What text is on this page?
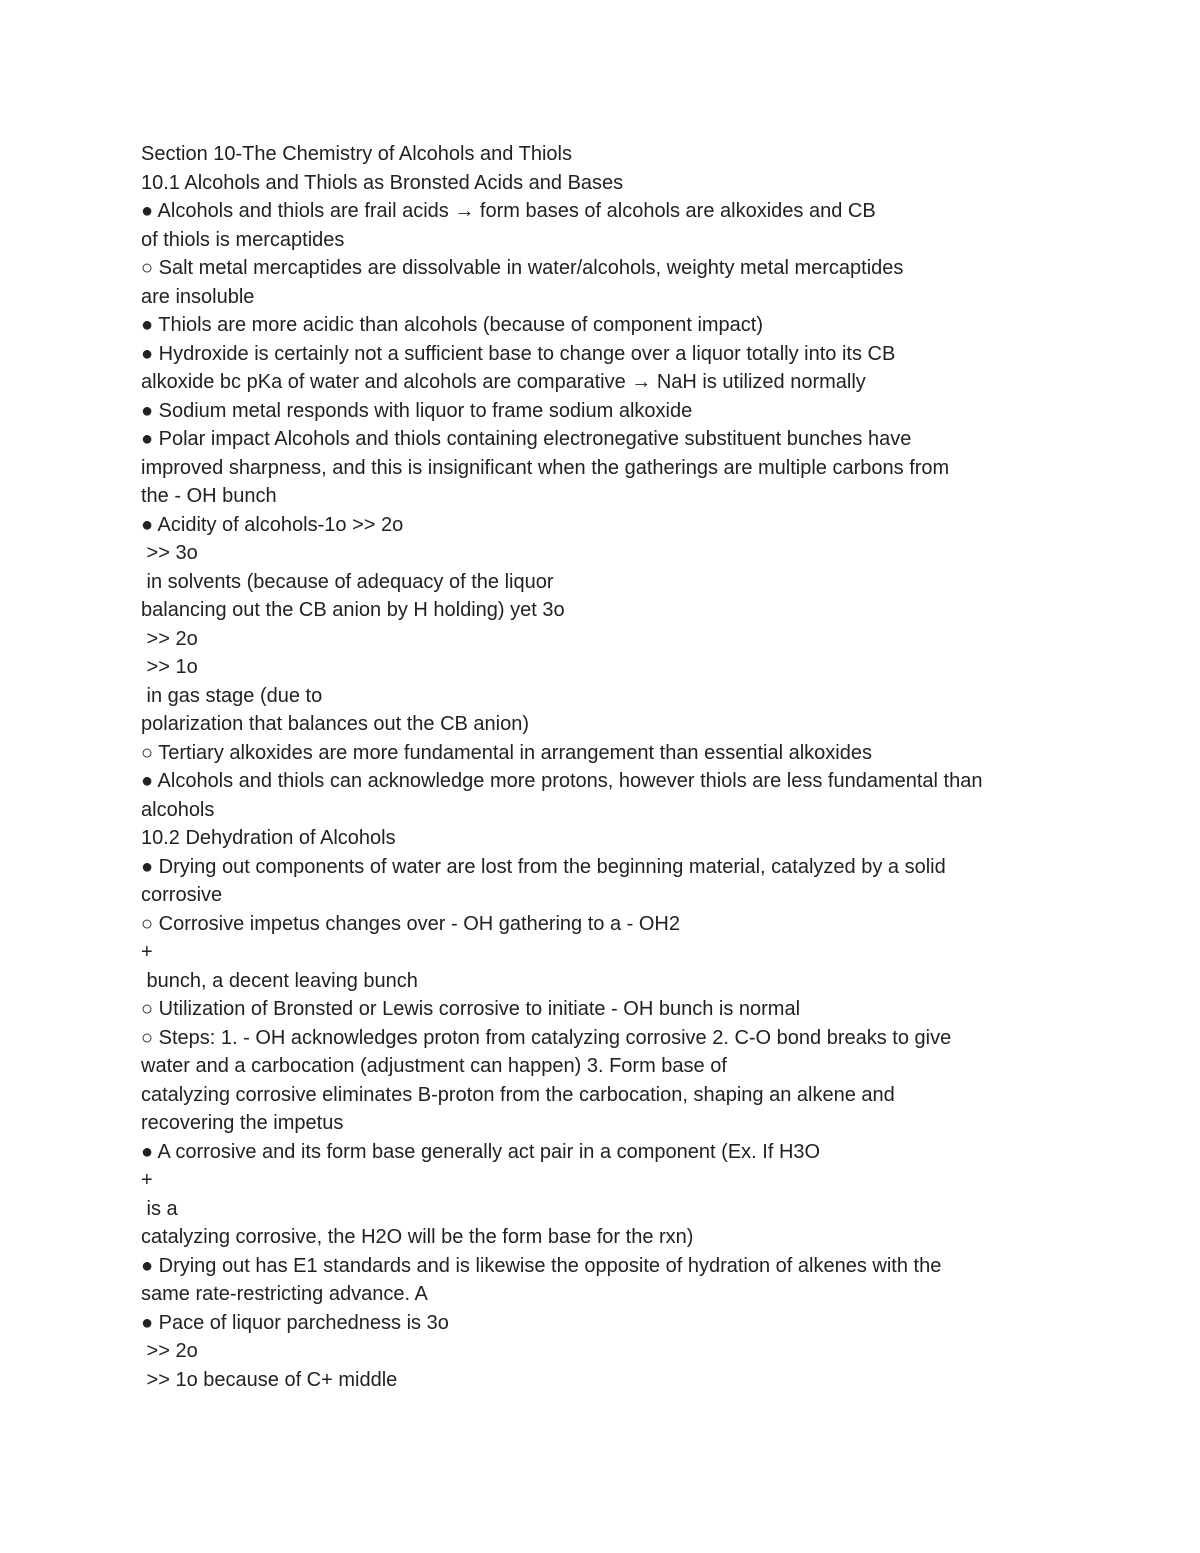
Section 10-The Chemistry of Alcohols and Thiols
10.1 Alcohols and Thiols as Bronsted Acids and Bases
● Alcohols and thiols are frail acids → form bases of alcohols are alkoxides and CB
of thiols is mercaptides
○ Salt metal mercaptides are dissolvable in water/alcohols, weighty metal mercaptides
are insoluble
● Thiols are more acidic than alcohols (because of component impact)
● Hydroxide is certainly not a sufficient base to change over a liquor totally into its CB
alkoxide bc pKa of water and alcohols are comparative → NaH is utilized normally
● Sodium metal responds with liquor to frame sodium alkoxide
● Polar impact Alcohols and thiols containing electronegative substituent bunches have
improved sharpness, and this is insignificant when the gatherings are multiple carbons from
the - OH bunch
● Acidity of alcohols-1o >> 2o
>> 3o
in solvents (because of adequacy of the liquor
balancing out the CB anion by H holding) yet 3o
>> 2o
>> 1o
in gas stage (due to
polarization that balances out the CB anion)
○ Tertiary alkoxides are more fundamental in arrangement than essential alkoxides
● Alcohols and thiols can acknowledge more protons, however thiols are less fundamental than
alcohols
10.2 Dehydration of Alcohols
● Drying out components of water are lost from the beginning material, catalyzed by a solid
corrosive
○ Corrosive impetus changes over - OH gathering to a - OH2
+
bunch, a decent leaving bunch
○ Utilization of Bronsted or Lewis corrosive to initiate - OH bunch is normal
○ Steps: 1. - OH acknowledges proton from catalyzing corrosive 2. C-O bond breaks to give
water and a carbocation (adjustment can happen) 3. Form base of
catalyzing corrosive eliminates B-proton from the carbocation, shaping an alkene and
recovering the impetus
● A corrosive and its form base generally act pair in a component (Ex. If H3O
+
is a
catalyzing corrosive, the H2O will be the form base for the rxn)
● Drying out has E1 standards and is likewise the opposite of hydration of alkenes with the
same rate-restricting advance. A
● Pace of liquor parchedness is 3o
>> 2o
>> 1o because of C+ middle
